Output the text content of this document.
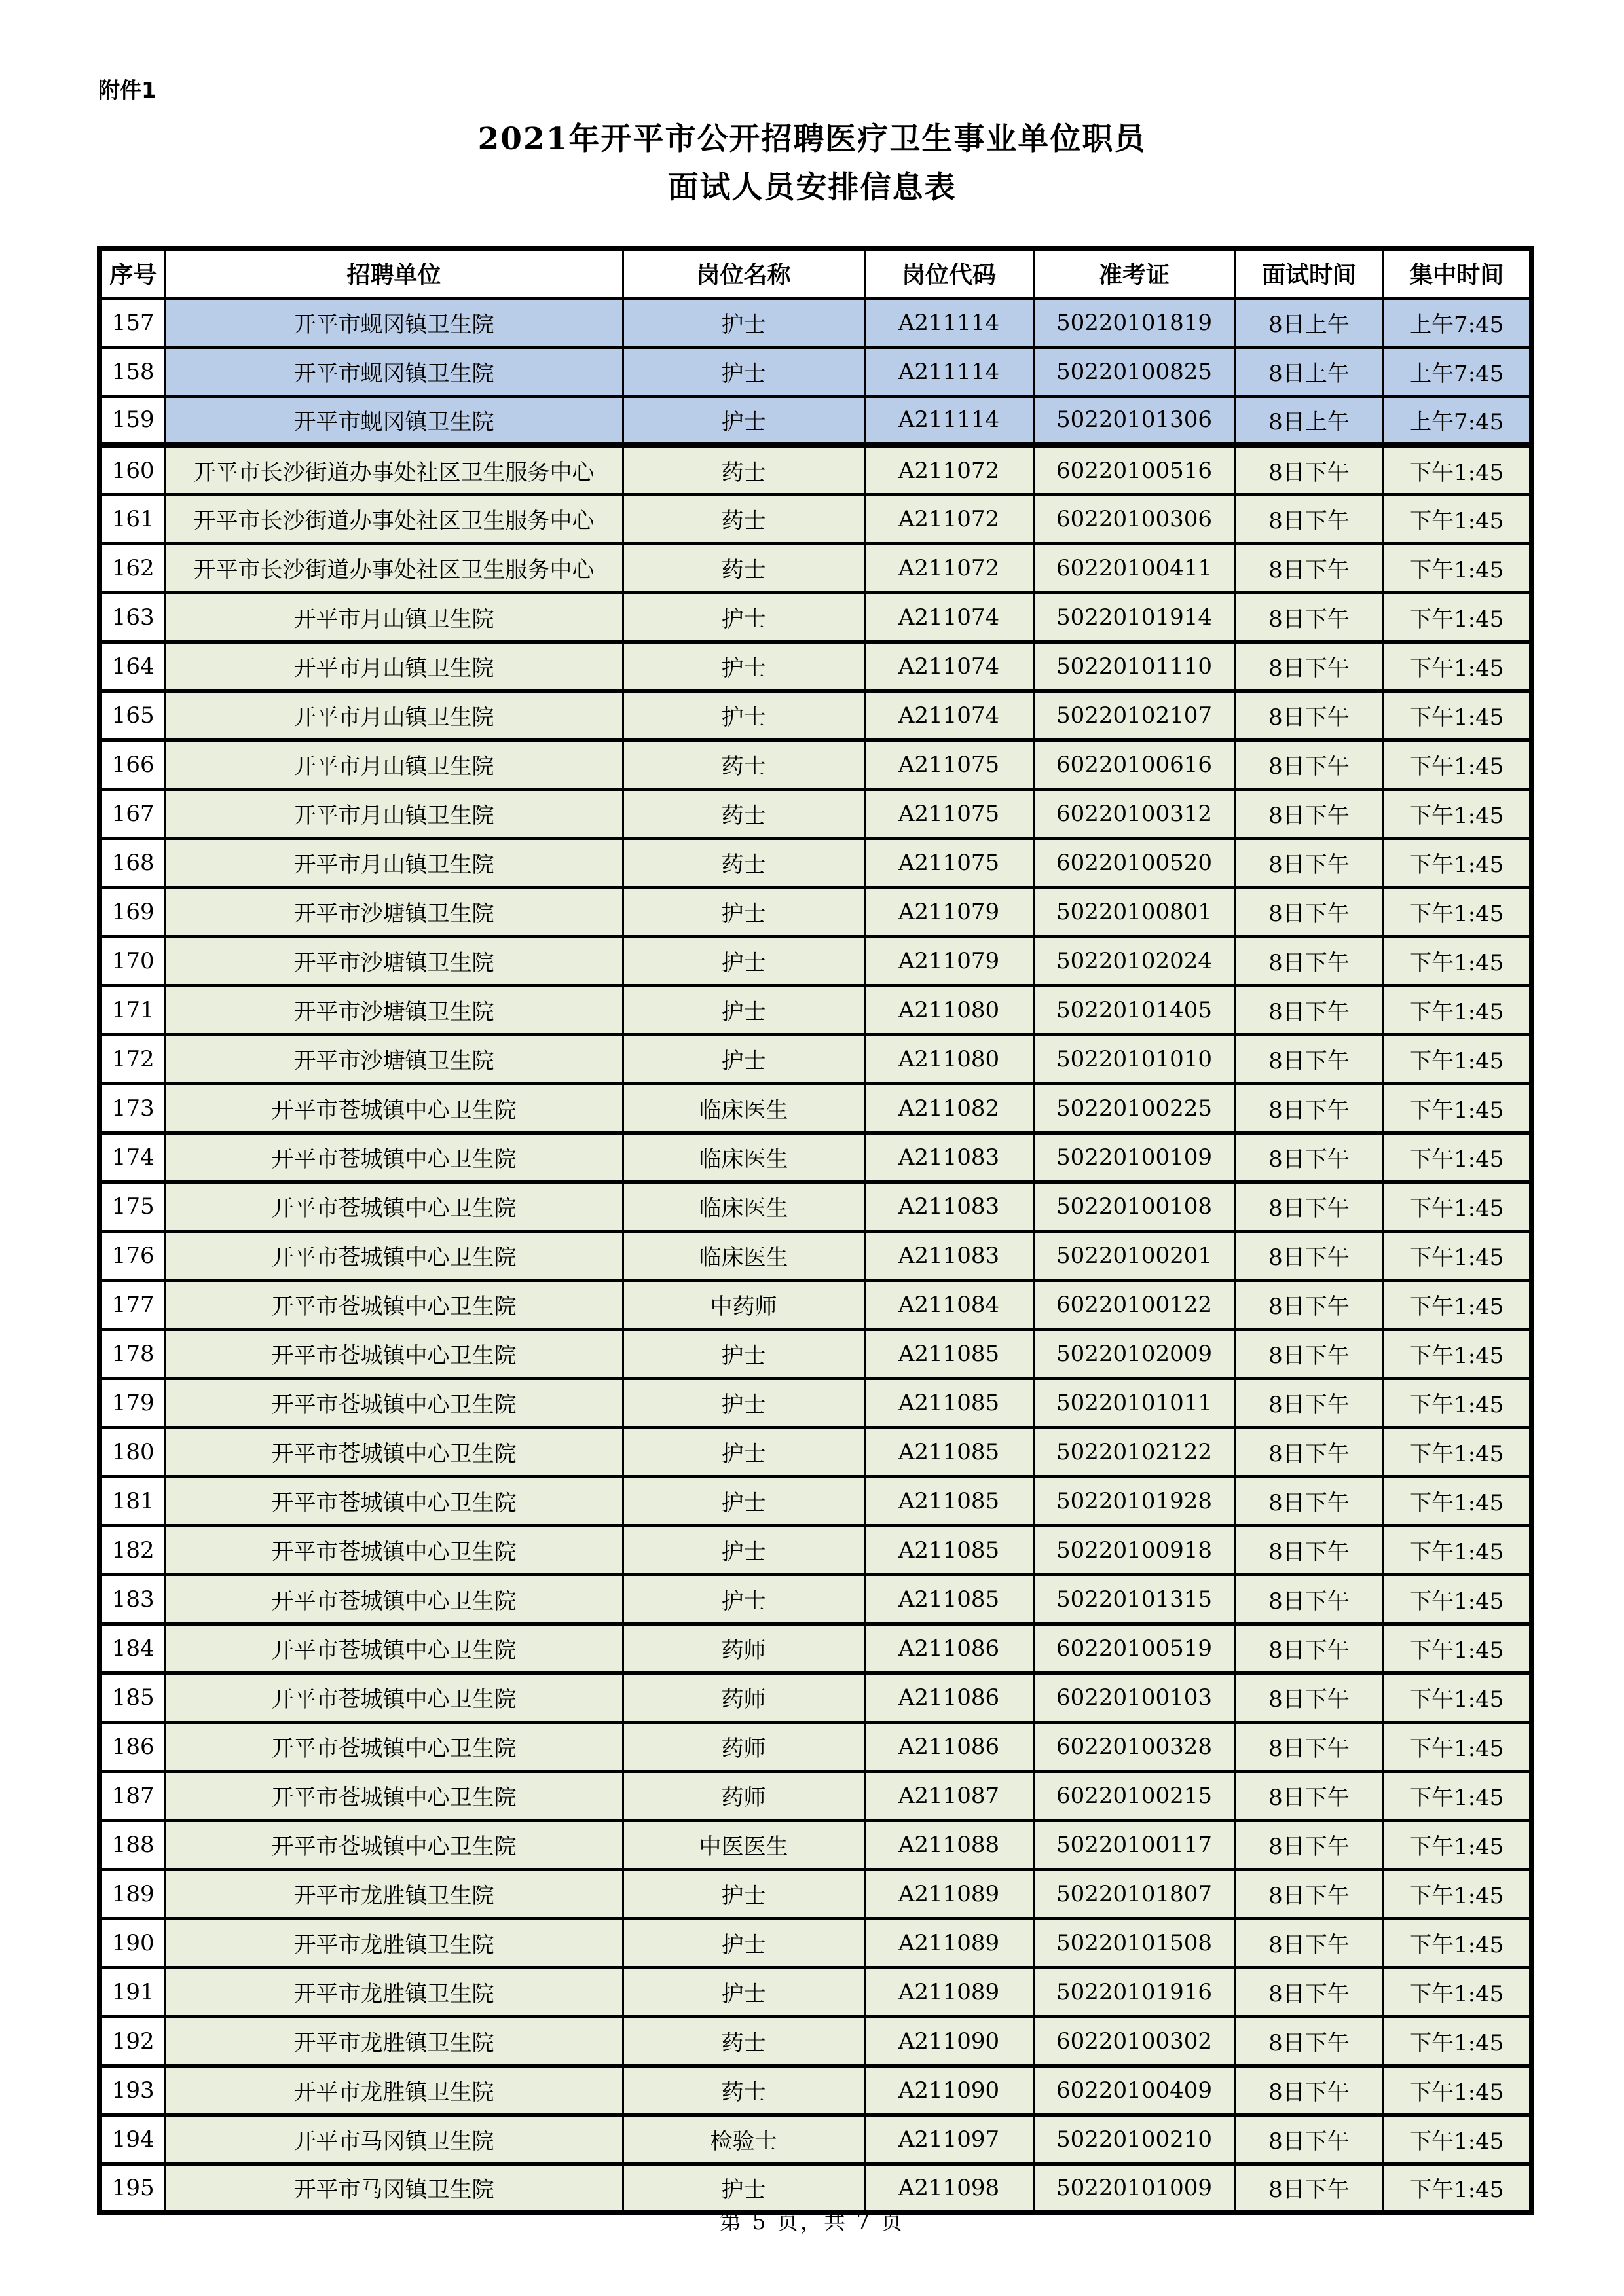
附件1
2021年开平市公开招聘医疗卫生事业单位职员
面试人员安排信息表
序号	招聘单位	岗位名称	岗位代码	准考证	面试时间	集中时间
157	开平市蚬冈镇卫生院	护士	A211114	50220101819	8日上午	上午7:45
158	开平市蚬冈镇卫生院	护士	A211114	50220100825	8日上午	上午7:45
159	开平市蚬冈镇卫生院	护士	A211114	50220101306	8日上午	上午7:45
160	开平市长沙街道办事处社区卫生服务中心	药士	A211072	60220100516	8日下午	下午1:45
161	开平市长沙街道办事处社区卫生服务中心	药士	A211072	60220100306	8日下午	下午1:45
162	开平市长沙街道办事处社区卫生服务中心	药士	A211072	60220100411	8日下午	下午1:45
163	开平市月山镇卫生院	护士	A211074	50220101914	8日下午	下午1:45
164	开平市月山镇卫生院	护士	A211074	50220101110	8日下午	下午1:45
165	开平市月山镇卫生院	护士	A211074	50220102107	8日下午	下午1:45
166	开平市月山镇卫生院	药士	A211075	60220100616	8日下午	下午1:45
167	开平市月山镇卫生院	药士	A211075	60220100312	8日下午	下午1:45
168	开平市月山镇卫生院	药士	A211075	60220100520	8日下午	下午1:45
169	开平市沙塘镇卫生院	护士	A211079	50220100801	8日下午	下午1:45
170	开平市沙塘镇卫生院	护士	A211079	50220102024	8日下午	下午1:45
171	开平市沙塘镇卫生院	护士	A211080	50220101405	8日下午	下午1:45
172	开平市沙塘镇卫生院	护士	A211080	50220101010	8日下午	下午1:45
173	开平市苍城镇中心卫生院	临床医生	A211082	50220100225	8日下午	下午1:45
174	开平市苍城镇中心卫生院	临床医生	A211083	50220100109	8日下午	下午1:45
175	开平市苍城镇中心卫生院	临床医生	A211083	50220100108	8日下午	下午1:45
176	开平市苍城镇中心卫生院	临床医生	A211083	50220100201	8日下午	下午1:45
177	开平市苍城镇中心卫生院	中药师	A211084	60220100122	8日下午	下午1:45
178	开平市苍城镇中心卫生院	护士	A211085	50220102009	8日下午	下午1:45
179	开平市苍城镇中心卫生院	护士	A211085	50220101011	8日下午	下午1:45
180	开平市苍城镇中心卫生院	护士	A211085	50220102122	8日下午	下午1:45
181	开平市苍城镇中心卫生院	护士	A211085	50220101928	8日下午	下午1:45
182	开平市苍城镇中心卫生院	护士	A211085	50220100918	8日下午	下午1:45
183	开平市苍城镇中心卫生院	护士	A211085	50220101315	8日下午	下午1:45
184	开平市苍城镇中心卫生院	药师	A211086	60220100519	8日下午	下午1:45
185	开平市苍城镇中心卫生院	药师	A211086	60220100103	8日下午	下午1:45
186	开平市苍城镇中心卫生院	药师	A211086	60220100328	8日下午	下午1:45
187	开平市苍城镇中心卫生院	药师	A211087	60220100215	8日下午	下午1:45
188	开平市苍城镇中心卫生院	中医医生	A211088	50220100117	8日下午	下午1:45
189	开平市龙胜镇卫生院	护士	A211089	50220101807	8日下午	下午1:45
190	开平市龙胜镇卫生院	护士	A211089	50220101508	8日下午	下午1:45
191	开平市龙胜镇卫生院	护士	A211089	50220101916	8日下午	下午1:45
192	开平市龙胜镇卫生院	药士	A211090	60220100302	8日下午	下午1:45
193	开平市龙胜镇卫生院	药士	A211090	60220100409	8日下午	下午1:45
194	开平市马冈镇卫生院	检验士	A211097	50220100210	8日下午	下午1:45
195	开平市马冈镇卫生院	护士	A211098	50220101009	8日下午	下午1:45
第 5 页，共 7 页
